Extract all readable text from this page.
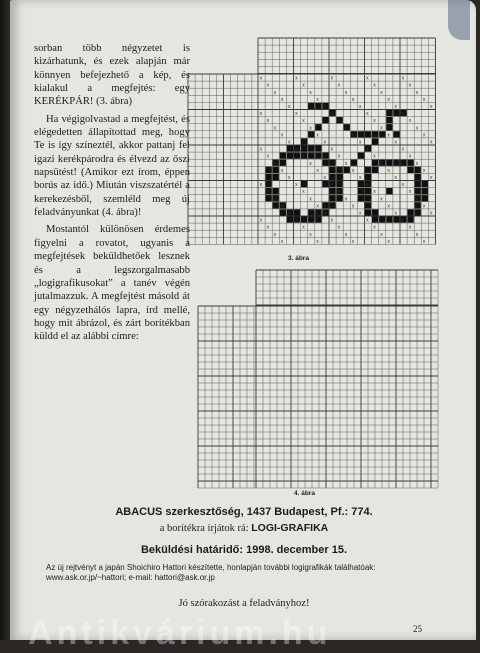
sorban több négyzetet is kizárhatunk, és ezek alapján már könnyen befejezhető a kép, és kialakul a megfejtés: egy KERÉKPÁR! (3. ábra)

Ha végigolvastad a megfejtést, és elégedetten állapítottad meg, hogy Te is így színeztél, akkor pattanj fel igazi kerékpárodra és élvezd az őszi napsütést! (Amikor ezt írom, éppen borús az idő.) Miután viszszatértél a kerekezésből, szemléld meg új feladványunkat (4. ábra)!

Mostantól különösen érdemes figyelni a rovatot, ugyanis a megfejtések beküldhetőek lesznek és a legszorgalmasabb „logigrafikusokat” a tanév végén jutalmazzuk. A megfejtést másold át egy négyzethálós lapra, írd mellé, hogy mit ábrázol, és zárt borítékban küldd el az alábbi címre:

x	x	x	x	x
x	x	x	x	x
x	x	x	x	x
x	x	x	x	x
x	x	x	x	x
x	x	x	x	x
x	x	x	x	x
x	x	x	x	x
x	x	x	x	x
x	x	x	x	x
x	x	x	x	x
x	x	x	x	x
x	x	x	x	x
x	x	x	x	x
x	x	x	x	x
x	x	x	x	x
x	x	x	x	x
x	x	x	x	x
x	x	x	x	x
x	x	x	x	x
x	x	x	x	x
x	x	x	x	x
x	x	x	x	x
x	x	x	x	x
3. ábra
4. ábra
ABACUS szerkesztőség, 1437 Budapest, Pf.: 774.
a borítékra írjátok rá: LOGI-GRAFIKA
Beküldési határidő: 1998. december 15.
Az új rejtvényt a japán Shoichiro Hattori készítette, honlapján további logigrafikák találhatóak: www.ask.or.jp/~hattori; e-mail: hattori@ask.or.jp
Jó szórakozást a feladványhoz!
25
Antikvárium.hu
